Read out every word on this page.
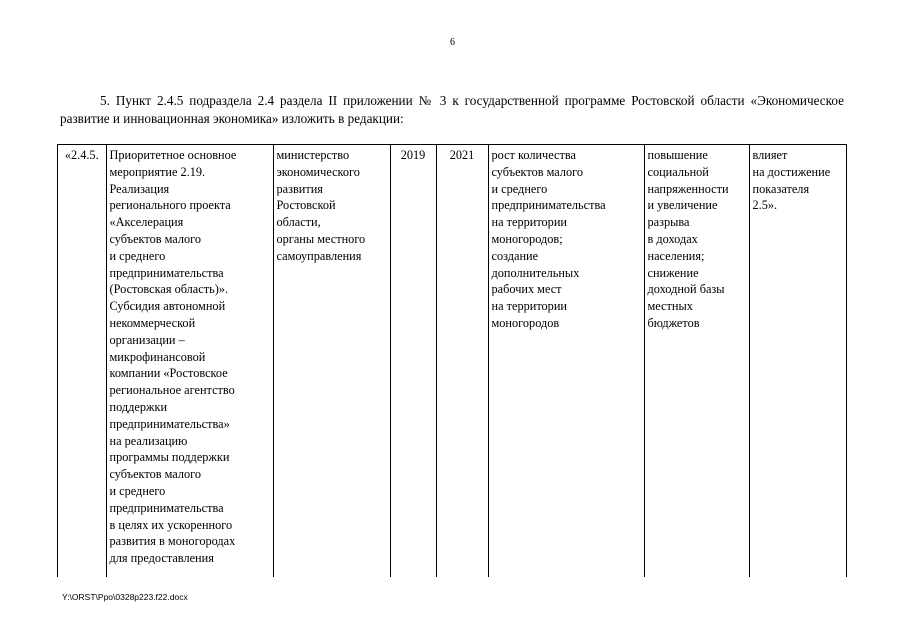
6
5. Пункт 2.4.5 подраздела 2.4 раздела II приложении № 3 к государственной программе Ростовской области «Экономическое развитие и инновационная экономика» изложить в редакции:
«2.4.5.	Приоритетное основное
мероприятие 2.19.
Реализация
регионального проекта
«Акселерация
субъектов малого
и среднего
предпринимательства
(Ростовская область)».
Субсидия автономной
некоммерческой
организации –
микрофинансовой
компании «Ростовское
региональное агентство
поддержки
предпринимательства»
на реализацию
программы поддержки
субъектов малого
и среднего
предпринимательства
в целях их ускоренного
развития в моногородах
для предоставления	министерство
экономического
развития
Ростовской
области,
органы местного
самоуправления	2019	2021	рост количества
субъектов малого
и среднего
предпринимательства
на территории
моногородов;
создание
дополнительных
рабочих мест
на территории
моногородов	повышение
социальной
напряженности
и увеличение
разрыва
в доходах
населения;
снижение
доходной базы
местных
бюджетов	влияет
на достижение
показателя
2.5».
Y:\ORST\Ppo\0328p223.f22.docx
